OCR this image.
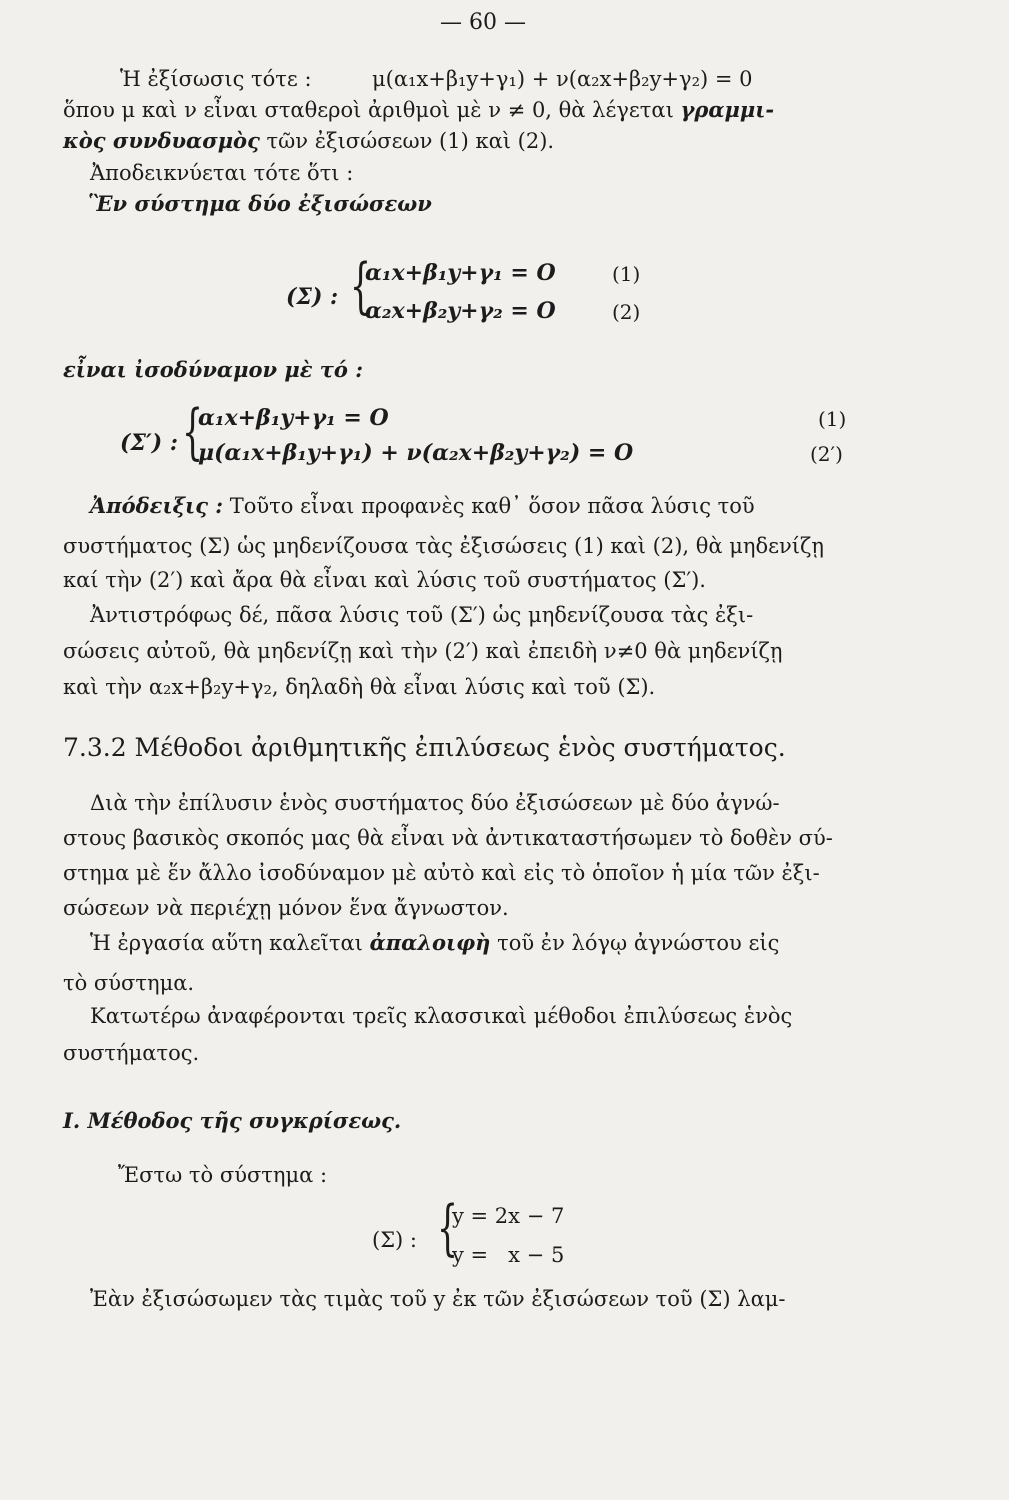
— 60 —
Ἡ ἐξίσωσις τότε :	μ(α₁x+β₁y+γ₁) + ν(α₂x+β₂y+γ₂) = 0
ὅπου μ καὶ ν εἶναι σταθεροὶ ἀριθμοὶ μὲ ν ≠ 0, θὰ λέγεται γραμμι-
κὸς συνδυασμὸς τῶν ἐξισώσεων (1) καὶ (2).
Ἀποδεικνύεται τότε ὅτι :
Ἓν σύστημα δύο ἐξισώσεων
(Σ) : {
α₁x+β₁y+γ₁ = O
α₂x+β₂y+γ₂ = O
(1)
(2)
εἶναι ἰσοδύναμον μὲ τό :
(Σ′) : {
α₁x+β₁y+γ₁ = O
μ(α₁x+β₁y+γ₁) + ν(α₂x+β₂y+γ₂) = O
(1)
(2′)
Ἀπόδειξις : Τοῦτο εἶναι προφανὲς καθ᾽ ὅσον πᾶσα λύσις τοῦ
συστήματος (Σ) ὡς μηδενίζουσα τὰς ἐξισώσεις (1) καὶ (2), θὰ μηδενίζῃ
καί τὴν (2′) καὶ ἄρα θὰ εἶναι καὶ λύσις τοῦ συστήματος (Σ′).
Ἀντιστρόφως δέ, πᾶσα λύσις τοῦ (Σ′) ὡς μηδενίζουσα τὰς ἐξι-
σώσεις αὐτοῦ, θὰ μηδενίζῃ καὶ τὴν (2′) καὶ ἐπειδὴ ν≠0 θὰ μηδενίζῃ
καὶ τὴν α₂x+β₂y+γ₂, δηλαδὴ θὰ εἶναι λύσις καὶ τοῦ (Σ).
7.3.2 Μέθοδοι ἀριθμητικῆς ἐπιλύσεως ἑνὸς συστήματος.
Διὰ τὴν ἐπίλυσιν ἑνὸς συστήματος δύο ἐξισώσεων μὲ δύο ἀγνώ-
στους βασικὸς σκοπός μας θὰ εἶναι νὰ ἀντικαταστήσωμεν τὸ δοθὲν σύ-
στημα μὲ ἕν ἄλλο ἰσοδύναμον μὲ αὐτὸ καὶ εἰς τὸ ὁποῖον ἡ μία τῶν ἐξι-
σώσεων νὰ περιέχῃ μόνον ἕνα ἄγνωστον.
Ἡ ἐργασία αὕτη καλεῖται ἀπαλοιφὴ τοῦ ἐν λόγῳ ἀγνώστου εἰς
τὸ σύστημα.
Κατωτέρω ἀναφέρονται τρεῖς κλασσικαὶ μέθοδοι ἐπιλύσεως ἑνὸς
συστήματος.
Ι. Μέθοδος τῆς συγκρίσεως.
Ἔστω τὸ σύστημα :
(Σ) : {
y = 2x − 7
y =   x − 5
Ἐὰν ἐξισώσωμεν τὰς τιμὰς τοῦ y ἐκ τῶν ἐξισώσεων τοῦ (Σ) λαμ-
